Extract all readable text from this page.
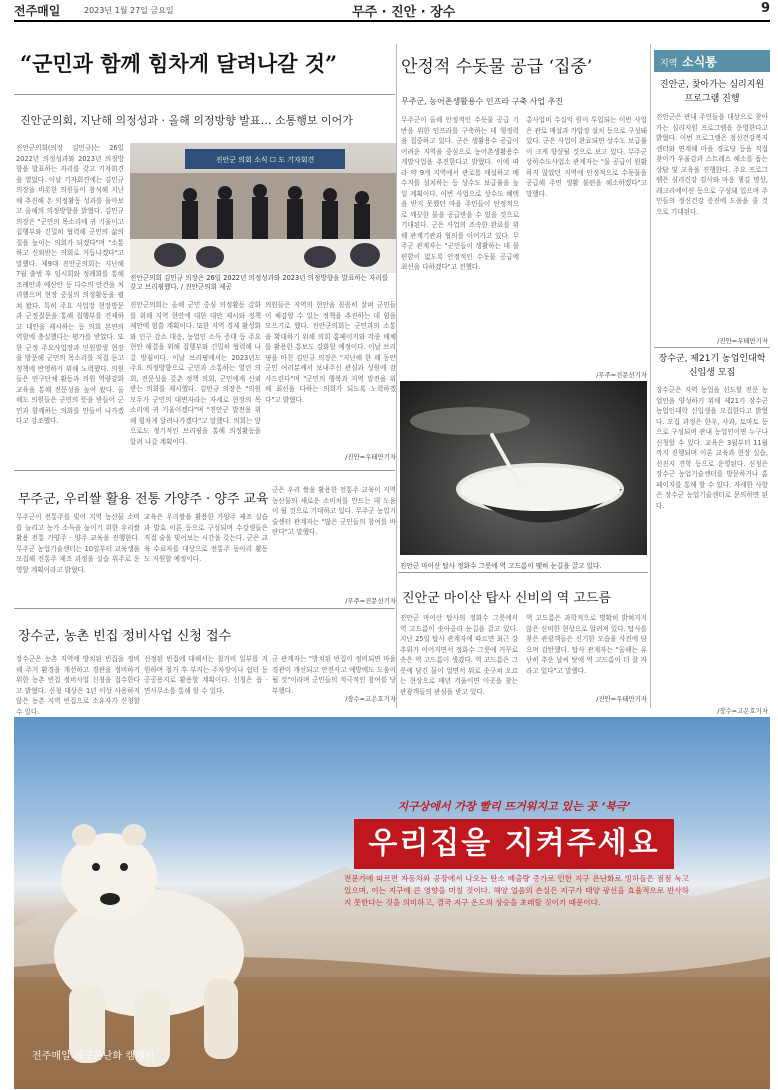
전주매일	2023년 1월 27일 금요일	무주 · 진안 · 장수	9
“군민과 함께 힘차게 달려나갈 것”
진안군의회, 지난해 의정성과 · 올해 의정방향 발표… 소통행보 이어가
진안군의회(의장 김민규)는 26일 2022년 의정성과와 2023년 의정방향을 발표하는 자리를 갖고 기자회견을 열었다. 이날 기자회견에는 김민규 의장을 비롯한 의원들이 참석해 지난해 추진해 온 의정활동 성과를 돌아보고 올해의 의정방향을 밝혔다. 김민규 의장은 "군민의 목소리에 귀 기울이고 집행부와 긴밀히 협력해 군민의 삶의 질을 높이는 의회가 되겠다"며 "소통하고 신뢰받는 의회로 거듭나겠다"고 말했다. 제9대 진안군의회는 지난해 7월 출범 후 임시회와 정례회를 통해 조례안과 예산안 등 다수의 안건을 처리했으며 현장 중심의 의정활동을 펼쳐 왔다. 특히 주요 사업장 현장방문과 군정질문을 통해 집행부를 견제하고 대안을 제시하는 등 의회 본연의 역할에 충실했다는 평가를 받았다. 또한 군정 주요사업장과 민원발생 현장을 방문해 군민의 목소리를 직접 듣고 정책에 반영하기 위해 노력했다. 의원들은 연구단체 활동과 의원 역량강화 교육을 통해 전문성을 높여 왔다. 올해도 의원들은 군민의 뜻을 받들어 군민과 함께하는 의회를 만들어 나가겠다고 강조했다.
진안군 의회 소식 ☐ 도 기자회견
진안군의회 김민규 의장은 26일 2022년 의정성과와 2023년 의정방향을 발표하는 자리를 갖고 브리핑했다. / 진안군의회 제공
진안군의회는 올해 군민 중심 의정활동 강화를 위해 지역 현안에 대한 대안 제시와 정책 제안에 힘쓸 계획이다. 또한 지역 경제 활성화와 인구 감소 대응, 농업인 소득 증대 등 주요 현안 해결을 위해 집행부와 긴밀히 협력해 나갈 방침이다. 이날 브리핑에서는 2023년도 주요 의정방향으로 군민과 소통하는 열린 의회, 전문성을 갖춘 정책 의회, 군민에게 신뢰받는 의회를 제시했다. 김민규 의장은 "의원 모두가 군민의 대변자라는 자세로 현장의 목소리에 귀 기울이겠다"며 "진안군 발전을 위해 힘차게 달려나가겠다"고 말했다. 의회는 앞으로도 정기적인 브리핑을 통해 의정활동을 알려 나갈 계획이다.
의원들은 지역의 현안을 꼼꼼히 살펴 군민들이 체감할 수 있는 정책을 추진하는 데 힘을 모으기로 했다. 진안군의회는 군민과의 소통을 확대하기 위해 의회 홈페이지와 각종 매체를 활용한 홍보도 강화할 예정이다. 이날 브리핑을 마친 김민규 의장은 "지난해 한 해 동안 군민 여러분께서 보내주신 관심과 성원에 감사드린다"며 "군민의 행복과 지역 발전을 위해 최선을 다하는 의회가 되도록 노력하겠다"고 밝혔다.
/진안=우태만기자
무주군, 우리쌀 활용 전통 가양주 · 양주 교육
무주군이 전통주를 빚어 지역 농산물 소비를 늘리고 농가 소득을 높이기 위한 우리쌀 활용 전통 가양주 · 양주 교육을 진행한다. 무주군 농업기술센터는 10일부터 교육생을 모집해 전통주 제조 과정을 실습 위주로 운영할 계획이라고 밝혔다.
교육은 우리쌀을 활용한 가양주 제조 실습과 발효 이론 등으로 구성되며 수강생들은 직접 술을 빚어보는 시간을 갖는다. 군은 교육 수료자를 대상으로 전통주 동아리 활동도 지원할 예정이다.
군은 우리 쌀을 활용한 전통주 교육이 지역 농산물의 새로운 소비처를 만드는 데 도움이 될 것으로 기대하고 있다. 무주군 농업기술센터 관계자는 "많은 군민들의 참여를 바란다"고 말했다.
/무주=진문선기자
장수군, 농촌 빈집 정비사업 신청 접수
장수군은 농촌 지역에 방치된 빈집을 정비해 주거 환경을 개선하고 경관을 정비하기 위한 농촌 빈집 정비사업 신청을 접수한다고 밝혔다. 신청 대상은 1년 이상 사용하지 않은 농촌 지역 빈집으로 소유자가 신청할 수 있다.
선정된 빈집에 대해서는 철거비 일부를 지원하며 철거 후 부지는 주차장이나 쉼터 등 공공용지로 활용할 계획이다. 신청은 읍 · 면사무소를 통해 할 수 있다.
군 관계자는 "방치된 빈집이 정비되면 마을 경관이 개선되고 안전사고 예방에도 도움이 될 것"이라며 군민들의 적극적인 참여를 당부했다.
/장수=고은호기자
안정적 수돗물 공급 ‘집중’
무주군, 농어촌생활용수 인프라 구축 사업 추진
무주군이 올해 안정적인 수돗물 공급 기반을 위한 인프라를 구축하는 데 행정력을 집중하고 있다. 군은 생활용수 공급이 어려운 지역을 중심으로 농어촌생활용수 개발사업을 추진한다고 밝혔다. 이에 따라 약 9개 지역에서 관로를 매설하고 배수지를 설치하는 등 상수도 보급률을 높일 계획이다. 이번 사업으로 상수도 혜택을 받지 못했던 마을 주민들이 안정적으로 깨끗한 물을 공급받을 수 있을 것으로 기대된다. 군은 사업의 조속한 완료를 위해 관계기관과 협의를 이어가고 있다. 무주군 관계자는 "군민들이 생활하는 데 불편함이 없도록 안정적인 수돗물 공급에 최선을 다하겠다"고 전했다.
총사업비 수십억 원이 투입되는 이번 사업은 관로 매설과 가압장 설치 등으로 구성돼 있다. 군은 사업이 완료되면 상수도 보급률이 크게 향상될 것으로 보고 있다. 무주군 상하수도사업소 관계자는 "물 공급이 원활하지 않았던 지역에 안정적으로 수돗물을 공급해 주민 생활 불편을 해소하겠다"고 말했다.
/무주=진문선기자
진안군 마이산 탑사 정화수 그릇에 역 고드름이 맺혀 눈길을 끌고 있다.
진안군 마이산 탑사 신비의 역 고드름
진안군 마이산 탑사의 정화수 그릇에서 역 고드름이 솟아올라 눈길을 끌고 있다. 지난 25일 탑사 관계자에 따르면 최근 강추위가 이어지면서 정화수 그릇에 거꾸로 솟은 역 고드름이 생겼다. 역 고드름은 그릇에 담긴 물이 얼면서 위로 솟구쳐 오르는 현상으로 매년 겨울이면 이곳을 찾는 관광객들의 관심을 받고 있다.
역 고드름은 과학적으로 명확히 밝혀지지 않은 신비한 현상으로 알려져 있다. 탑사를 찾은 관광객들은 신기한 모습을 사진에 담으며 감탄했다. 탑사 관계자는 "올해는 유난히 추운 날씨 탓에 역 고드름이 더 잘 자라고 있다"고 말했다.
/진안=우태만기자
지역 소식통
진안군, 찾아가는 심리지원 프로그램 진행
진안군은 관내 주민들을 대상으로 찾아가는 심리지원 프로그램을 운영한다고 밝혔다. 이번 프로그램은 정신건강복지센터와 연계해 마을 경로당 등을 직접 찾아가 우울감과 스트레스 해소를 돕는 상담 및 교육을 진행한다. 주요 프로그램은 심리건강 검사와 마음 챙김 명상, 레크리에이션 등으로 구성돼 있으며 주민들의 정신건강 증진에 도움을 줄 것으로 기대된다.
/진안=우태만기자
장수군, 제21기 농업인대학 신입생 모집
장수군은 지역 농업을 선도할 전문 농업인을 양성하기 위해 제21기 장수군 농업인대학 신입생을 모집한다고 밝혔다. 모집 과정은 한우, 사과, 토마토 등으로 구성되며 관내 농업인이면 누구나 신청할 수 있다. 교육은 3월부터 11월까지 진행되며 이론 교육과 현장 실습, 선진지 견학 등으로 운영된다. 신청은 장수군 농업기술센터를 방문하거나 홈페이지를 통해 할 수 있다. 자세한 사항은 장수군 농업기술센터로 문의하면 된다.
/장수=고은호기자
지구상에서 가장 빨리 뜨거워지고 있는 곳 ‘북극’
우리집을 지켜주세요
전문가에 따르면 자동차와 공장에서 나오는 탄소 배출량 증가로 인한 지구 온난화로 빙하들은 점점 녹고 있으며, 이는 지구에 큰 영향을 미칠 것이다. 해양 얼음의 손실은 지구가 태양 광선을 효율적으로 반사하지 못한다는 것을 의미하고, 결국 지구 온도의 상승을 초래할 것이기 때문이다.
전주매일 지구온난화 캠페인
